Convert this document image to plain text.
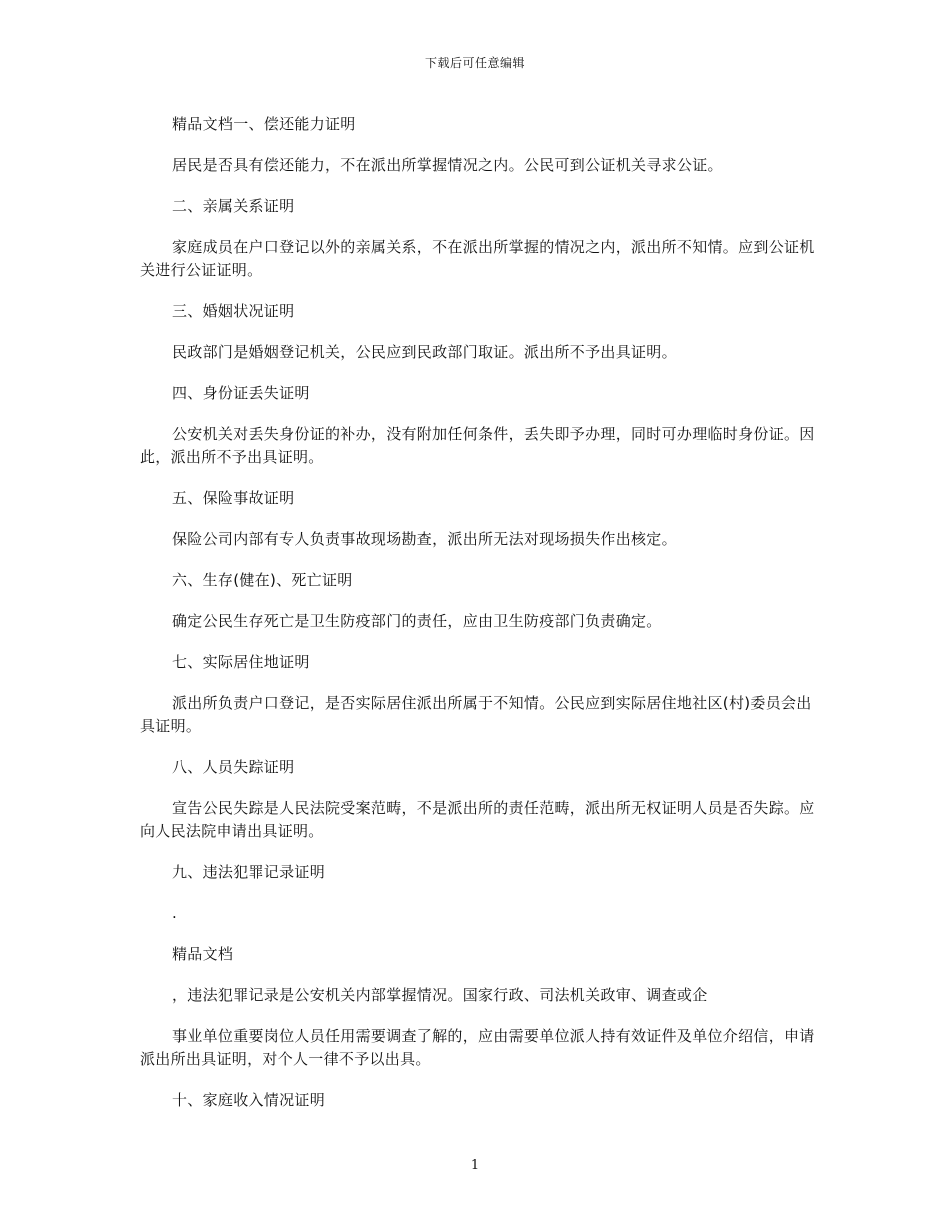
下载后可任意编辑

精品文档一、偿还能力证明

居民是否具有偿还能力，不在派出所掌握情况之内。公民可到公证机关寻求公证。

二、亲属关系证明

家庭成员在户口登记以外的亲属关系，不在派出所掌握的情况之内，派出所不知情。应到公证机关进行公证证明。

三、婚姻状况证明

民政部门是婚姻登记机关，公民应到民政部门取证。派出所不予出具证明。

四、身份证丢失证明

公安机关对丢失身份证的补办，没有附加任何条件，丢失即予办理，同时可办理临时身份证。因此，派出所不予出具证明。

五、保险事故证明

保险公司内部有专人负责事故现场勘查，派出所无法对现场损失作出核定。

六、生存(健在)、死亡证明

确定公民生存死亡是卫生防疫部门的责任，应由卫生防疫部门负责确定。

七、实际居住地证明

派出所负责户口登记，是否实际居住派出所属于不知情。公民应到实际居住地社区(村)委员会出具证明。

八、人员失踪证明

宣告公民失踪是人民法院受案范畴，不是派出所的责任范畴，派出所无权证明人员是否失踪。应向人民法院申请出具证明。

九、违法犯罪记录证明

.

精品文档

，违法犯罪记录是公安机关内部掌握情况。国家行政、司法机关政审、调查或企

事业单位重要岗位人员任用需要调查了解的，应由需要单位派人持有效证件及单位介绍信，申请派出所出具证明，对个人一律不予以出具。

十、家庭收入情况证明

1
